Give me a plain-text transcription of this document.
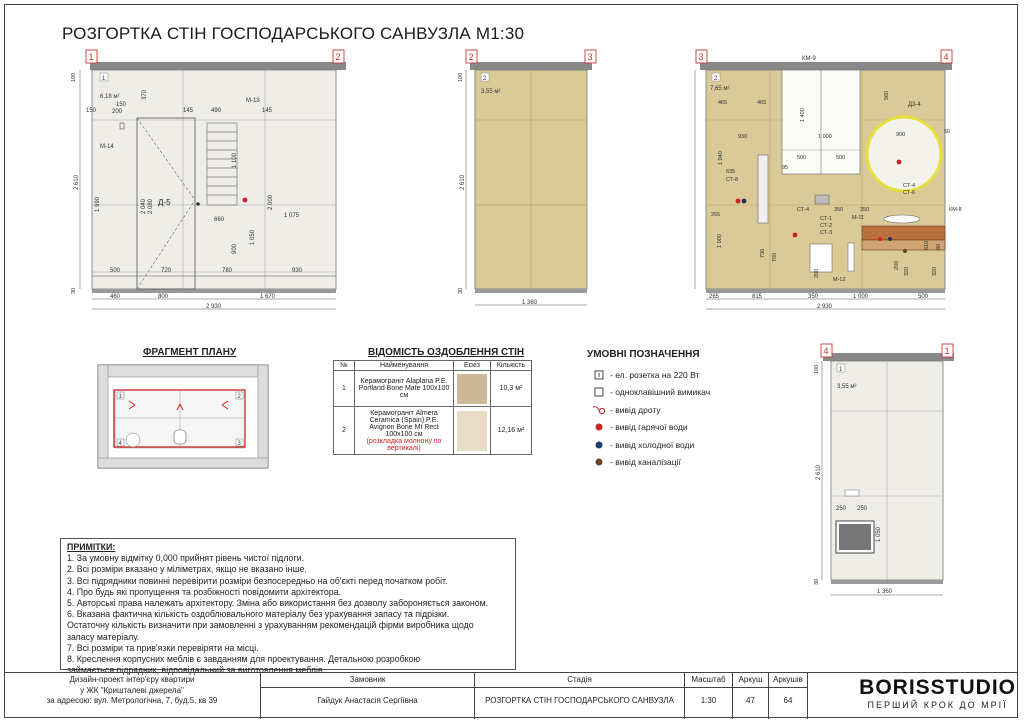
РОЗГОРТКА СТІН ГОСПОДАРСЬКОГО САНВУЗЛА М1:30
Д-5
М-13
М-14
6,18 м²
1
1	2
460	800	1 670
2 930
500	720	780	930
2 610
1 990	2 040 2 080
1 100
900
1 050
2 000
1 075
660
100
30
150
150
200	145	490	145
370
2
3,55 м²
2	3
1 360
2 610
100
30
2
7,65 м²
3	4
КМ-9
Д3-4
СТ-4
СТ-6
КМ-8
СТ-4
СТ-1
СТ-2
СТ-3
СТ-8
М-11
М-12
265	815	350	1 000	500
2 930
465	465
930
1 400
1 000
500	500
560
900	50
635
1 040
265
1 000
95
350	350
730 700
200	320	320
200
610 80
1
3,55 м²
4	1
1 360
2 610
250 250
1 050
100
30
1	2
3
4
ФРАГМЕНТ ПЛАНУ	ВІДОМІСТЬ ОЗДОБЛЕННЯ СТІН
№	Найменування	Ескіз	Кількість
1	Керамограніт Alaplana P.E. Portland Bone Mate 100x100 см		10,3 м²
2	Керамограніт Almera Ceramica (Spain) P.E. Avignon Bone Mt Rect 100x100 см
(розкладка молнону по вертикалі)		12,16 м²
УМОВНІ ПОЗНАЧЕННЯ
- ел. розетка на 220 Вт
- одноклавішний вимикач
- вивід дроту
- вивід гарячої води
- вивід холодної води
- вивід каналізації
ПРИМІТКИ:
1. За умовну відмітку 0,000 прийнят рівень чистої підлоги.
2. Всі розміри вказано у міліметрах, якщо не вказано інше.
3. Всі підрядники повинні перевірити розміри безпосередньо на об'єкті перед початком робіт.
4. Про будь які пропущення та розбіжності повідомити архітектора.
5. Авторські права належать архітектору. Зміна або використання без дозволу забороняється законом.
6. Вказана фактична кількість оздоблювального матеріалу без урахування запасу та підрізки.
Остаточну кількість визначити при замовленні з урахуванням рекомендацій фірми виробника щодо
запасу матеріалу.
7. Всі розміри та прив'язки перевіряти на місці.
8. Креслення корпусних меблів є завданням для проектування. Детальною розробкою
займається підрядник, відповідальний за виготовлення меблів.
Дизайн-проект інтер'єру квартири
у ЖК "Кришталеві джерела"
за адресою: вул. Метрологічна, 7, буд.5, кв 39
Замовник
Гайдук Анастасія Сергіївна
Стадія
РОЗГОРТКА СТІН ГОСПОДАРСЬКОГО САНВУЗЛА
Масштаб
1:30
Аркуш
47
Аркушів
64
BORISSTUDIO
ПЕРШИЙ КРОК ДО МРІЇ
